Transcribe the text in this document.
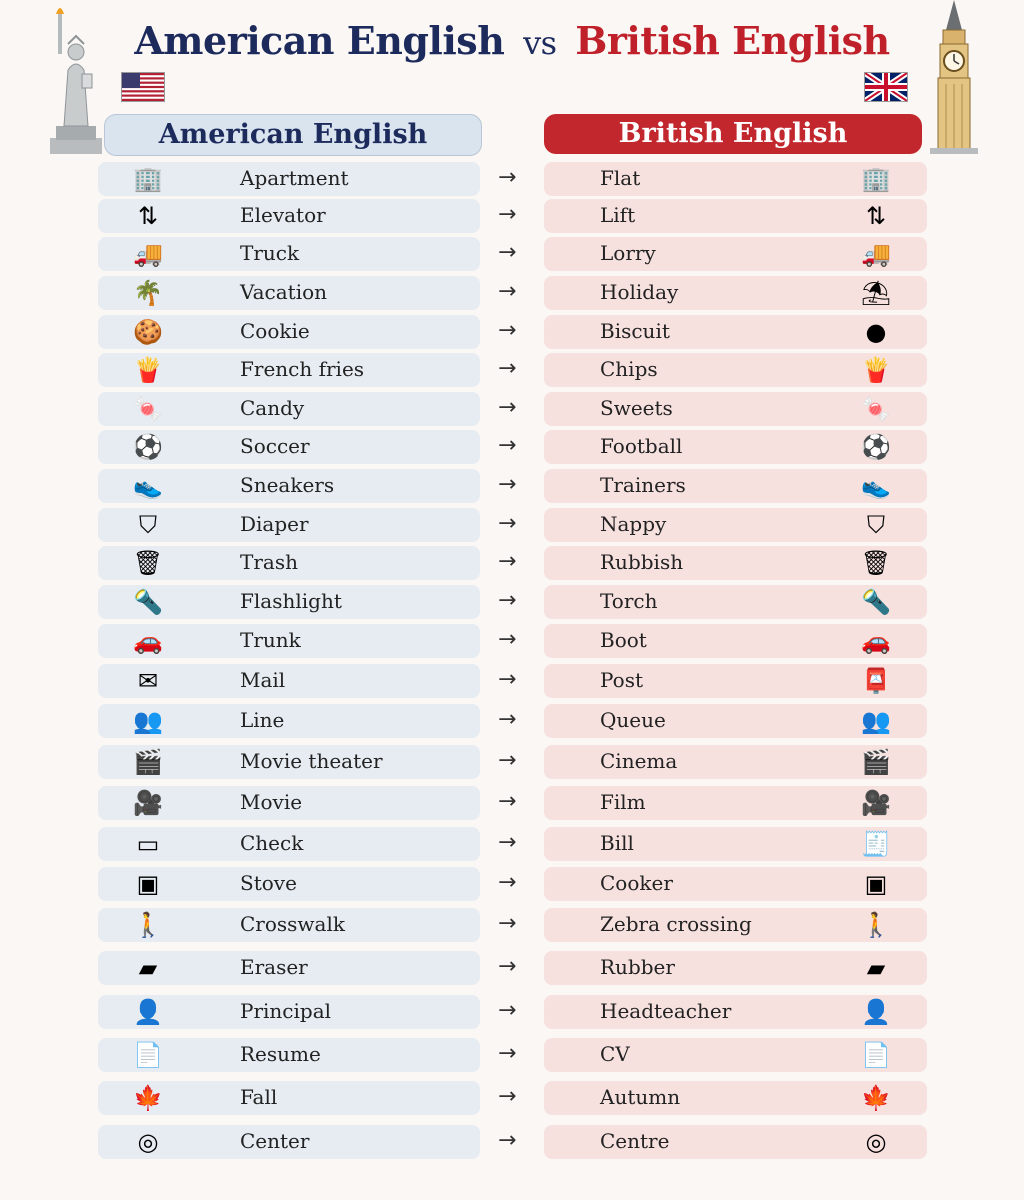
American English vs British English
American English	British English
🏢	Apartment	→	Flat	🏢
⇅	Elevator	→	Lift	⇅
🚚	Truck	→	Lorry	🚚
🌴	Vacation	→	Holiday	⛱
🍪	Cookie	→	Biscuit	●
🍟	French fries	→	Chips	🍟
🍬	Candy	→	Sweets	🍬
⚽	Soccer	→	Football	⚽
👟	Sneakers	→	Trainers	👟
⛉	Diaper	→	Nappy	⛉
🗑	Trash	→	Rubbish	🗑
🔦	Flashlight	→	Torch	🔦
🚗	Trunk	→	Boot	🚗
✉	Mail	→	Post	📮
👥	Line	→	Queue	👥
🎬	Movie theater	→	Cinema	🎬
🎥	Movie	→	Film	🎥
▭	Check	→	Bill	🧾
▣	Stove	→	Cooker	▣
🚶	Crosswalk	→	Zebra crossing	🚶
▰	Eraser	→	Rubber	▰
👤	Principal	→	Headteacher	👤
📄	Resume	→	CV	📄
🍁	Fall	→	Autumn	🍁
◎	Center	→	Centre	◎
